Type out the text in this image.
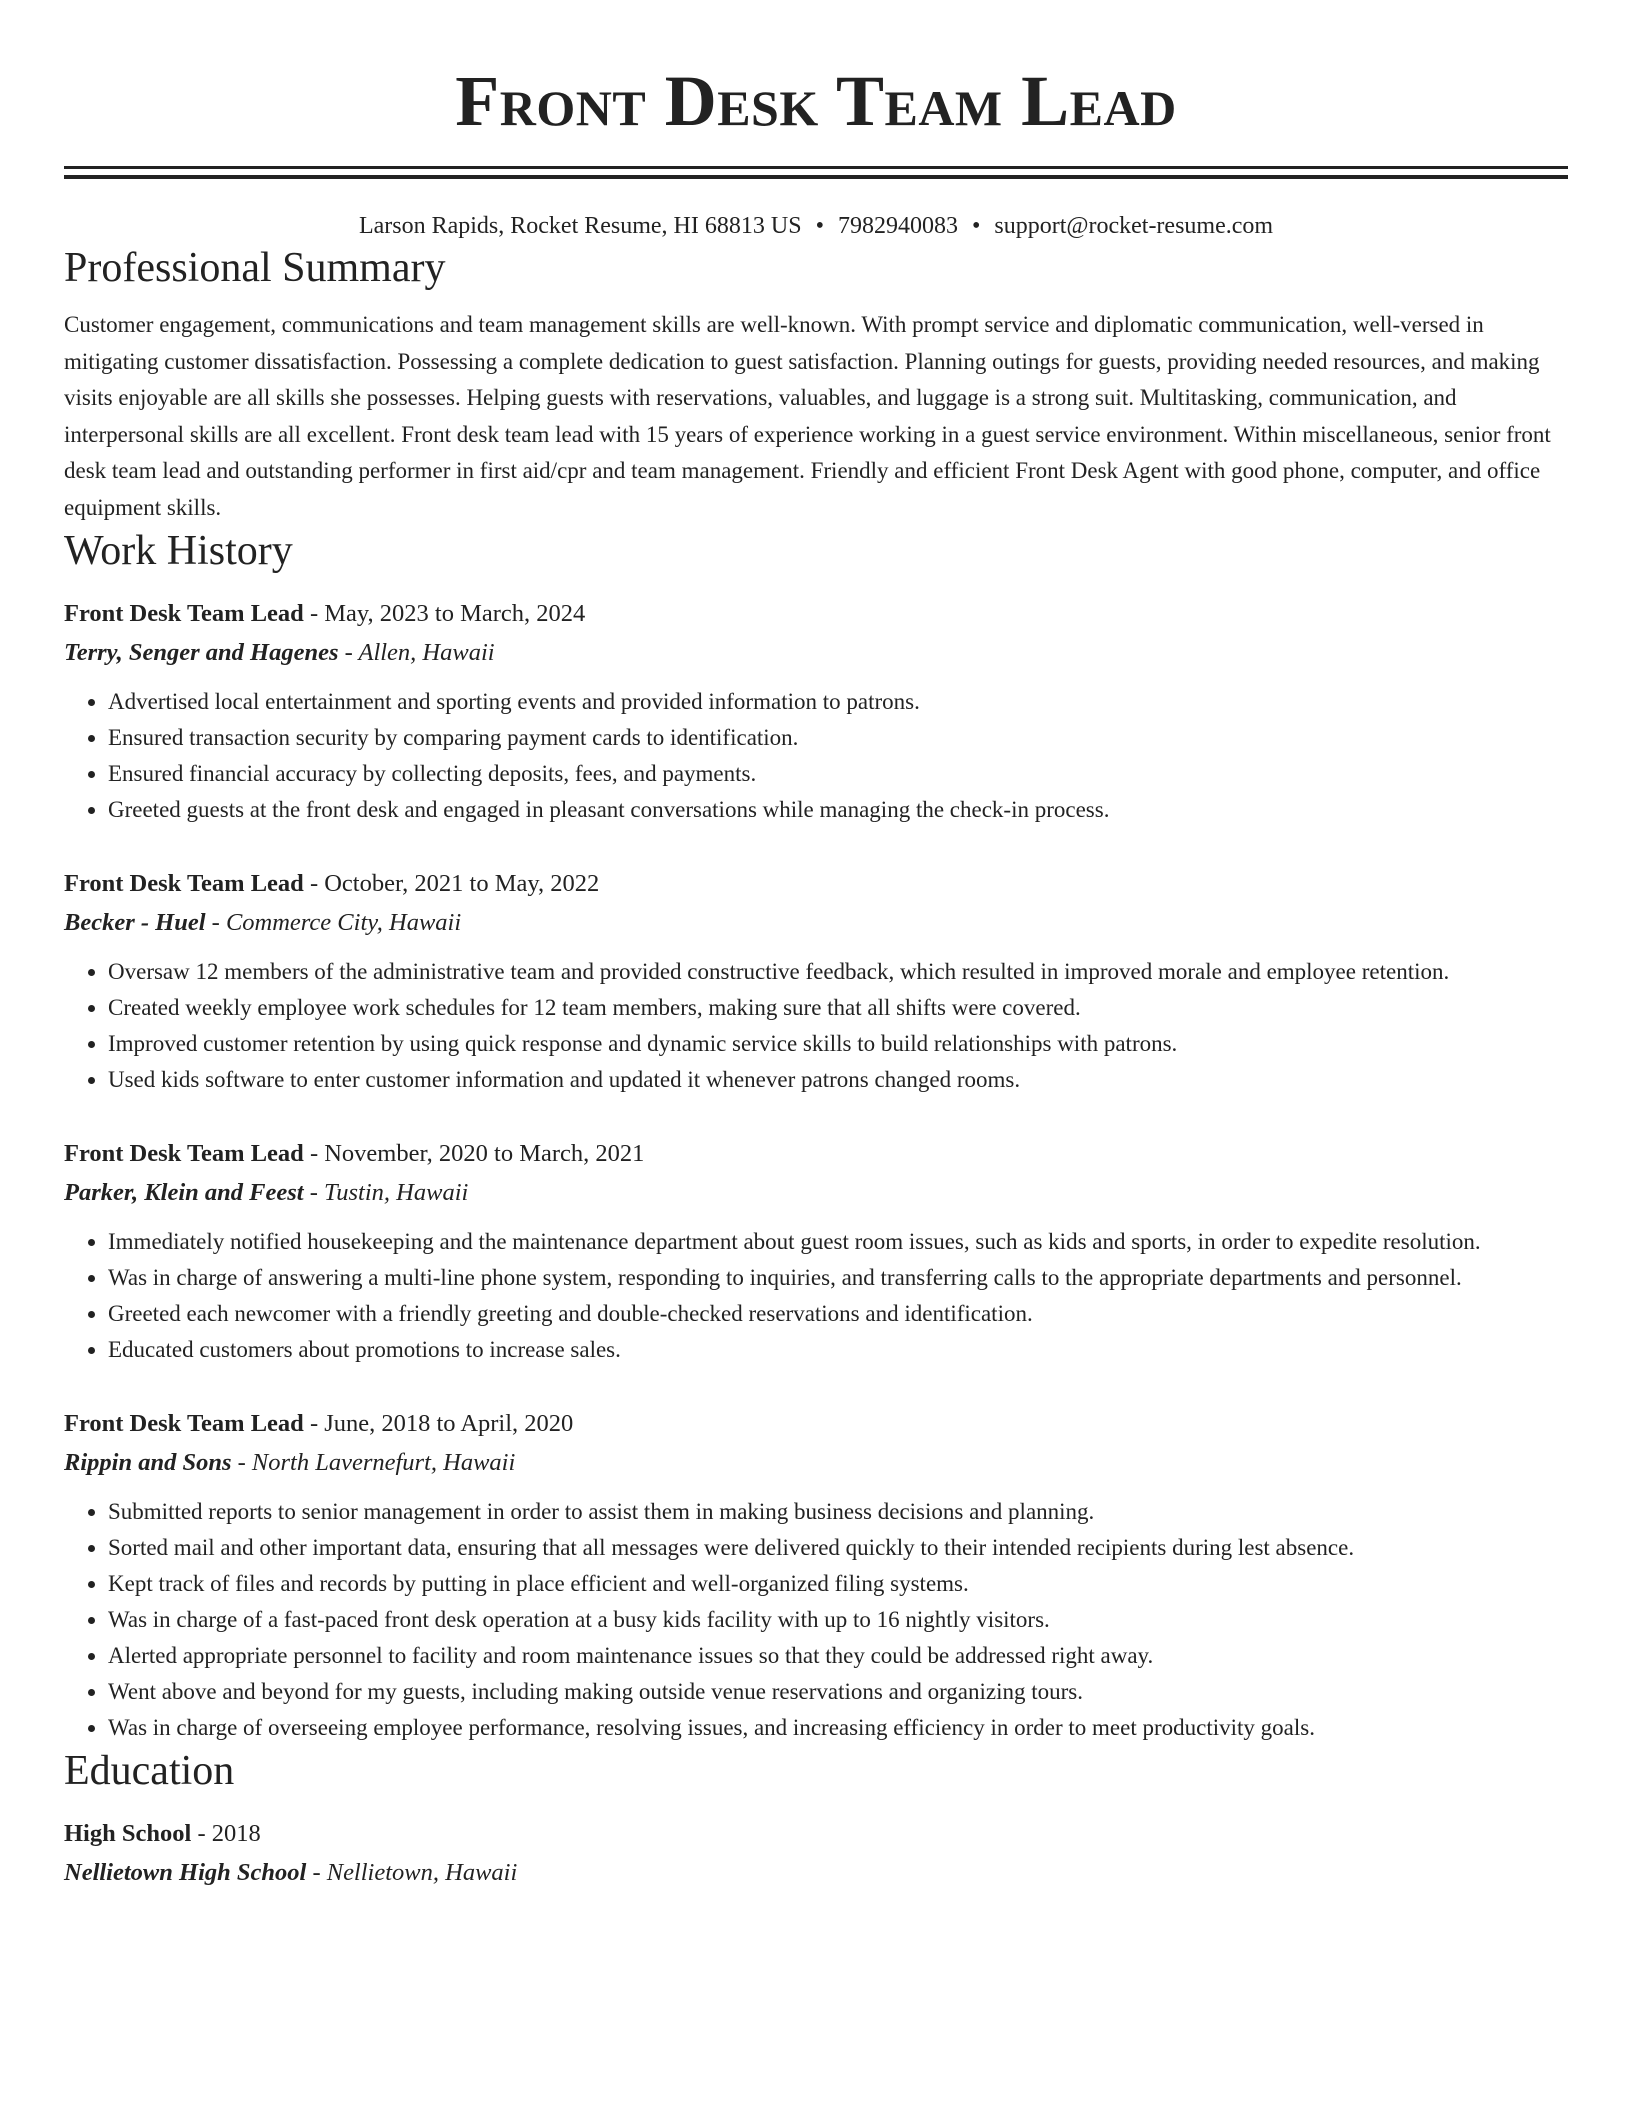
Front Desk Team Lead
Larson Rapids, Rocket Resume, HI 68813 US • 7982940083 • support@rocket-resume.com
Professional Summary

Customer engagement, communications and team management skills are well-known. With prompt service and diplomatic communication, well-versed in mitigating customer dissatisfaction. Possessing a complete dedication to guest satisfaction. Planning outings for guests, providing needed resources, and making visits enjoyable are all skills she possesses. Helping guests with reservations, valuables, and luggage is a strong suit. Multitasking, communication, and interpersonal skills are all excellent. Front desk team lead with 15 years of experience working in a guest service environment. Within miscellaneous, senior front desk team lead and outstanding performer in first aid/cpr and team management. Friendly and efficient Front Desk Agent with good phone, computer, and office equipment skills.

Work History
Front Desk Team Lead - May, 2023 to March, 2024
Terry, Senger and Hagenes - Allen, Hawaii
• Advertised local entertainment and sporting events and provided information to patrons.
• Ensured transaction security by comparing payment cards to identification.
• Ensured financial accuracy by collecting deposits, fees, and payments.
• Greeted guests at the front desk and engaged in pleasant conversations while managing the check-in process.
Front Desk Team Lead - October, 2021 to May, 2022
Becker - Huel - Commerce City, Hawaii
• Oversaw 12 members of the administrative team and provided constructive feedback, which resulted in improved morale and employee retention.
• Created weekly employee work schedules for 12 team members, making sure that all shifts were covered.
• Improved customer retention by using quick response and dynamic service skills to build relationships with patrons.
• Used kids software to enter customer information and updated it whenever patrons changed rooms.
Front Desk Team Lead - November, 2020 to March, 2021
Parker, Klein and Feest - Tustin, Hawaii
• Immediately notified housekeeping and the maintenance department about guest room issues, such as kids and sports, in order to expedite resolution.
• Was in charge of answering a multi-line phone system, responding to inquiries, and transferring calls to the appropriate departments and personnel.
• Greeted each newcomer with a friendly greeting and double-checked reservations and identification.
• Educated customers about promotions to increase sales.
Front Desk Team Lead - June, 2018 to April, 2020
Rippin and Sons - North Lavernefurt, Hawaii
• Submitted reports to senior management in order to assist them in making business decisions and planning.
• Sorted mail and other important data, ensuring that all messages were delivered quickly to their intended recipients during lest absence.
• Kept track of files and records by putting in place efficient and well-organized filing systems.
• Was in charge of a fast-paced front desk operation at a busy kids facility with up to 16 nightly visitors.
• Alerted appropriate personnel to facility and room maintenance issues so that they could be addressed right away.
• Went above and beyond for my guests, including making outside venue reservations and organizing tours.
• Was in charge of overseeing employee performance, resolving issues, and increasing efficiency in order to meet productivity goals.
Education
High School - 2018
Nellietown High School - Nellietown, Hawaii
